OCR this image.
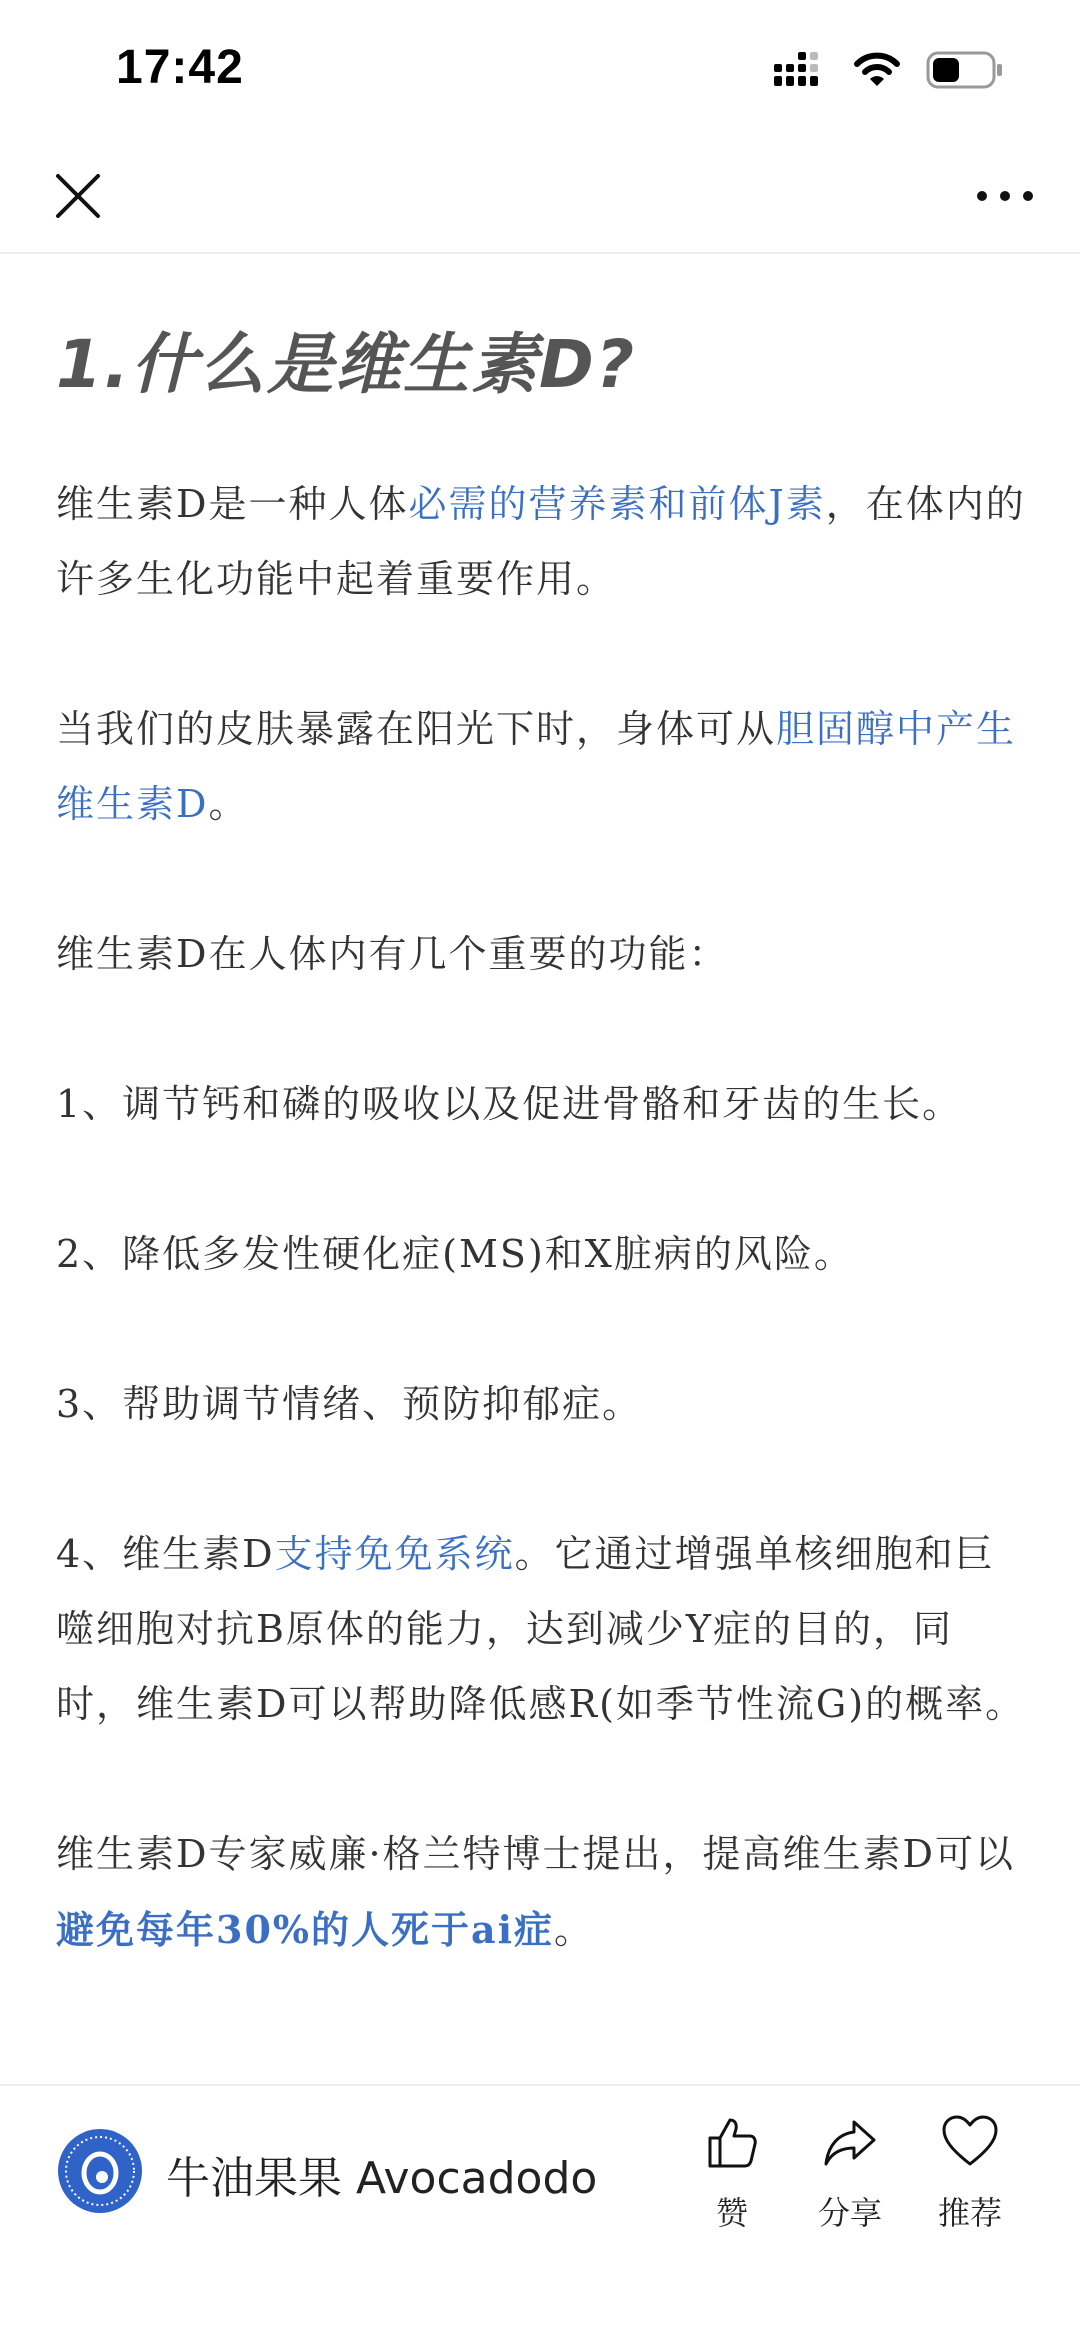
17:42
1.什么是维生素D?

维生素D是一种人体必需的营养素和前体J素，在体内的许多生化功能中起着重要作用。

当我们的皮肤暴露在阳光下时，身体可从胆固醇中产生维生素D。

维生素D在人体内有几个重要的功能：

1、调节钙和磷的吸收以及促进骨骼和牙齿的生长。

2、降低多发性硬化症(MS)和X脏病的风险。

3、帮助调节情绪、预防抑郁症。

4、维生素D支持免免系统。它通过增强单核细胞和巨噬细胞对抗B原体的能力，达到减少Y症的目的，同时，维生素D可以帮助降低感R(如季节性流G)的概率。

维生素D专家威廉·格兰特博士提出，提高维生素D可以避免每年30%的人死于ai症。

牛油果果 Avocadodo
赞	分享	推荐
